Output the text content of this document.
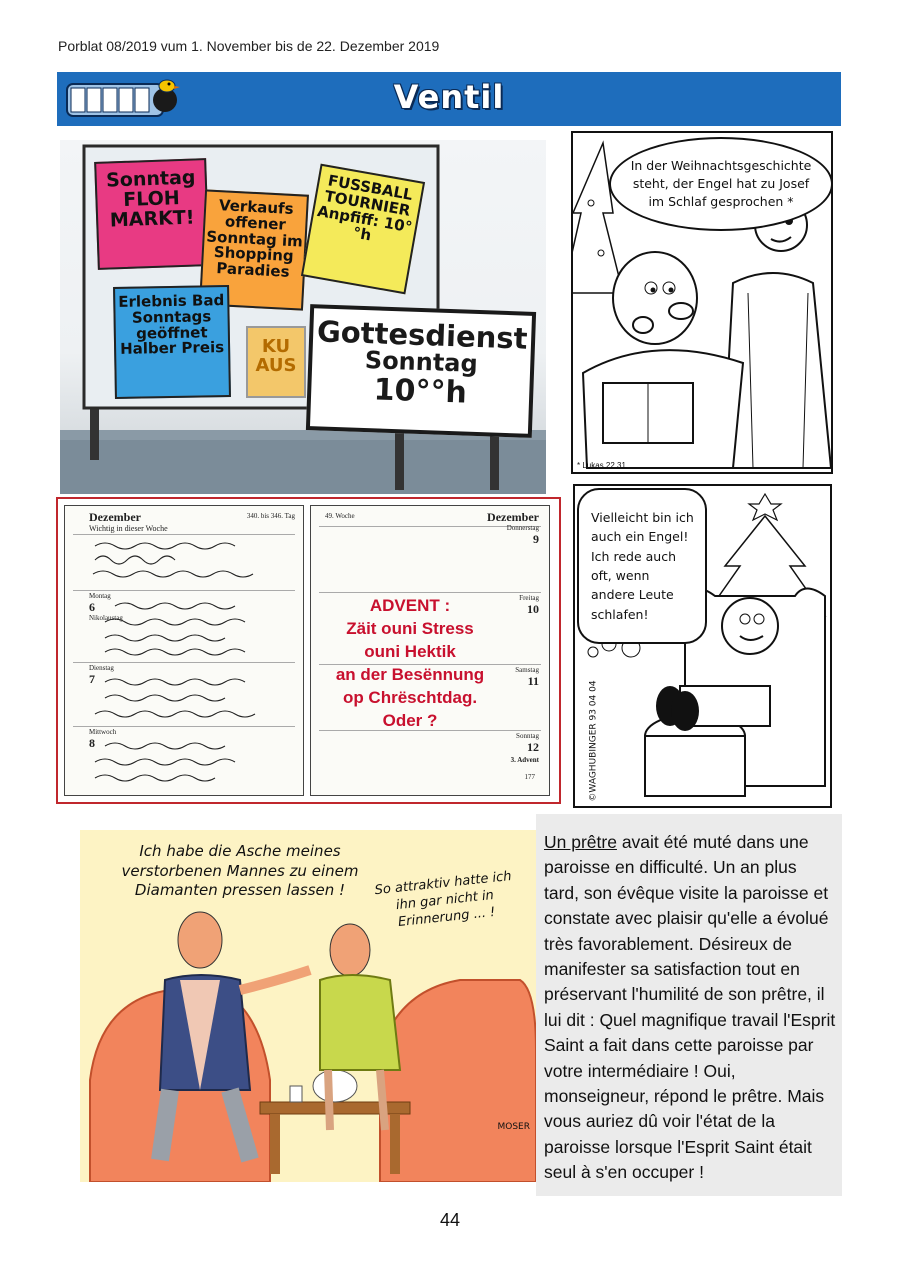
Porblat 08/2019 vum 1. November bis de 22. Dezember 2019
Ventil
Sonntag FLOH MARKT!	Verkaufs offener Sonntag im Shopping Paradies
FUSSBALL TOURNIER Anpfiff: 10°°h
Erlebnis Bad Sonntags geöffnet Halber Preis	KU AUS
Gottesdienst
Sonntag
10°°h
In der Weihnachtsgeschichte steht, der Engel hat zu Josef im Schlaf gesprochen *
* Lukas 22,31
Vielleicht bin ich auch ein Engel! Ich rede auch oft, wenn andere Leute schlafen!
©WAGHUBINGER 93 04 04
Dezember	340. bis 346. Tag
Wichtig in dieser Woche
Montag
6
Nikolaustag
Dienstag
7
Mittwoch
8
49. Woche	Dezember
Donnerstag
9
Freitag
10
Samstag
11
Sonntag
12
3. Advent
177
ADVENT :
Zäit ouni Stress
ouni Hektik
an der Besënnung
op Chrëschtdag.
Oder ?
Ich habe die Asche meines verstorbenen Mannes zu einem Diamanten pressen lassen !	So attraktiv hatte ich ihn gar nicht in Erinnerung ... !
MOSER

Un prêtre avait été muté dans une paroisse en difficulté. Un an plus tard, son évêque visite la paroisse et constate avec plaisir qu'elle a évolué très favorablement. Désireux de manifester sa satisfaction tout en préservant l'humilité de son prêtre, il lui dit : Quel magnifique travail l'Esprit Saint a fait dans cette paroisse par votre intermédiaire ! Oui, monseigneur, répond le prêtre. Mais vous auriez dû voir l'état de la paroisse lorsque l'Esprit Saint était seul à s'en occuper !

44
